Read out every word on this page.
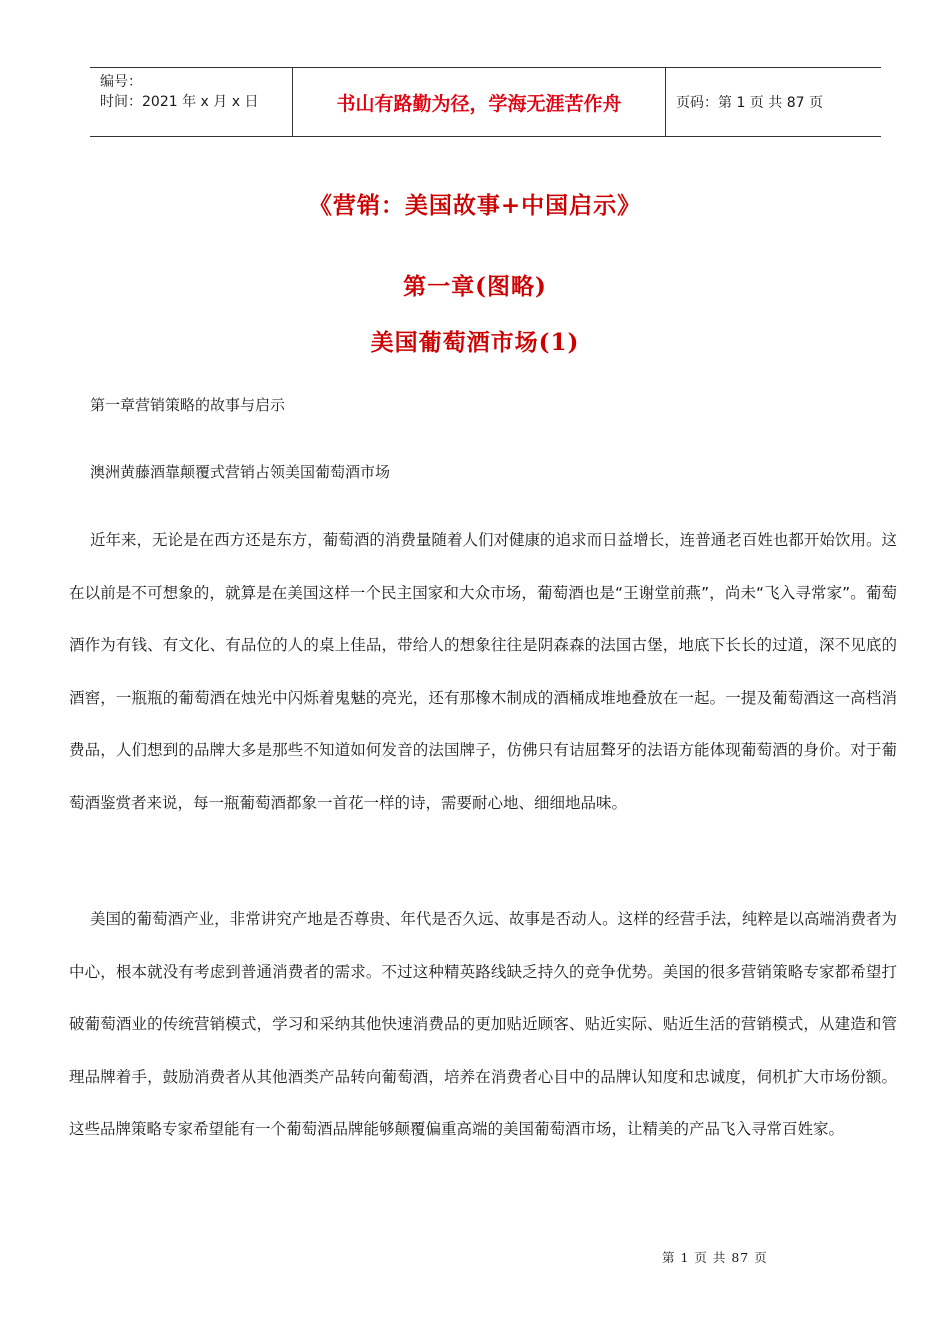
编号：
时间：2021 年 x 月 x 日	书山有路勤为径，学海无涯苦作舟	页码：第 1 页 共 87 页
《营销：美国故事+中国启示》
第一章(图略)
美国葡萄酒市场(1)
第一章营销策略的故事与启示
澳洲黄藤酒靠颠覆式营销占领美国葡萄酒市场

近年来，无论是在西方还是东方，葡萄酒的消费量随着人们对健康的追求而日益增长，连普通老百姓也都开始饮用。这在以前是不可想象的，就算是在美国这样一个民主国家和大众市场，葡萄酒也是“王谢堂前燕”，尚未“飞入寻常家”。葡萄酒作为有钱、有文化、有品位的人的桌上佳品，带给人的想象往往是阴森森的法国古堡，地底下长长的过道，深不见底的酒窖，一瓶瓶的葡萄酒在烛光中闪烁着鬼魅的亮光，还有那橡木制成的酒桶成堆地叠放在一起。一提及葡萄酒这一高档消费品，人们想到的品牌大多是那些不知道如何发音的法国牌子，仿佛只有诘屈聱牙的法语方能体现葡萄酒的身价。对于葡萄酒鉴赏者来说，每一瓶葡萄酒都象一首花一样的诗，需要耐心地、细细地品味。

美国的葡萄酒产业，非常讲究产地是否尊贵、年代是否久远、故事是否动人。这样的经营手法，纯粹是以高端消费者为中心，根本就没有考虑到普通消费者的需求。不过这种精英路线缺乏持久的竞争优势。美国的很多营销策略专家都希望打破葡萄酒业的传统营销模式，学习和采纳其他快速消费品的更加贴近顾客、贴近实际、贴近生活的营销模式，从建造和管理品牌着手，鼓励消费者从其他酒类产品转向葡萄酒，培养在消费者心目中的品牌认知度和忠诚度，伺机扩大市场份额。这些品牌策略专家希望能有一个葡萄酒品牌能够颠覆偏重高端的美国葡萄酒市场，让精美的产品飞入寻常百姓家。

第 1 页 共 87 页
